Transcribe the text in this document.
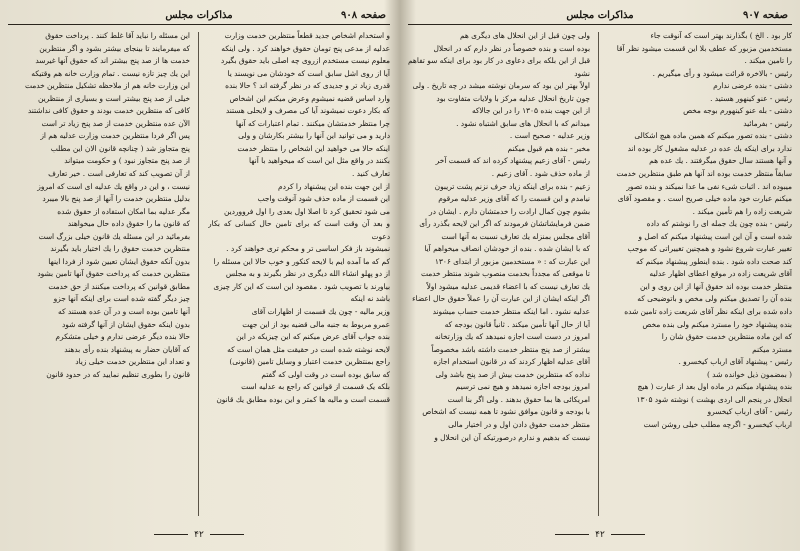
صفحه ۹۰۸
مذاکرات مجلس

و استخدام اشخاص جدید قطعاً منتظرین خدمت وزارت

عدلیه از مدعی پنج تومان حقوق خواهند کرد . ولی اینکه

معلوم نیست مستخدم ازروی چه اصلی باید حقوق بگیرد

آیا از روی اشل سابق است که خودشان می نویسند یا

قدری زیاد تر و جدیدی که در نظر گرفته اند ؟ حالا بنده

وارد اساس قضیه نمیشوم وعرض میکنم این اشخاص

که بکار دعوت نمیشوند آیا کی مصرف و لایحلی هستند

چرا منتظر خدمتشان میکنند . تمام اعتبارات که آنها

دارید و می توانید این آنها را بیشتر بکارشان و ولی

اینکه حالا می خواهید این اشخاص را منتظر خدمت

بکنند در واقع مثل این است که میخواهید با آنها

تعارف کنید .

از این جهت بنده این پیشنهاد را کردم

این قسمت از ماده حذف شود آنوقت واجب

می شود تحقیق کرد تا اصلا اول بعدی را اول فرووردین

و بعد آن وقت است که برای تامین حال کسانی که بکار دعوت

نمیشوند باز فکر اساسی تر و محکم تری خواهند کرد .

کم که ما آمده ایم با لایحه کنکور و خوب حالا این مسئله را

از دو پهلو انشاء الله دیگری در نظر بگیرند و به مجلس

بیاورند با تصویب شود . مقصود این است که این کار چیزی

باشد نه اینکه

وزیر مالیه - چون یك قسمت از اظهارات آقای

عمرو مربوط به جنبه مالی قضیه بود از این جهت

بنده جواب آقای عرض میکنم که این چیزیکه در این

لایحه نوشته شده است در حقیقت مثل همان است که

راجع بمنتظرین خدمت اعتبار و وسایل تامین (قانونی)

که سابق بوده است در وقت اولی که گفتم

بلکه یک قسمت از قوانین که راجع به عدلیه است

قسمت است و مالیه ها کمتر و این بوده مطابق یك قانون

این مسئله را نباید آقا غلط کنند . پرداخت حقوق

که میفرمایند تا بینجای بیشتر بشود و اگر منتظرین

خدمت ها از صد پنج بیشتر اند که حقوق آنها غیرسد

این یك چیز تازه نیست . تمام وزارت خانه هم وقتیکه

این وزارت خانه هم از ملاحظه تشکیل منتظرین خدمت

خیلی از صد پنج بیشتر است و بسیاری از منتظرین

کافی که منتظرین خدمت بودند و حقوق کافی نداشتند

الآن عده منتظرین خدمت از صد پنج زیاد تر است

پس اگر فردا منتظرین خدمت وزارت عدلیه هم از

پنج متجاوز شد ( چنانچه قانون الان این مطلب

از صد پنج متجاوز نبود ) و حکومت میتواند

از آن تصویب کند که تعارفی است . خیر تعارف

نیست ، و این در واقع یك عدلیه ای است که امروز

بدلیل منتظرین خدمت را آنها از صد پنج بالا میبرد

مگر عدلیه بما امکان استفاده از حقوق شده

که قانون ما را حقوق داده حال میخواهند

بفرمائید در این مسئله یك قانون خیلی بزرگ است

منتظرین خدمت حقوق را یك اختیار باید بگیرند

بدون آنکه حقوق ایشان تعیین شود از فردا اینها

منتظرین خدمت که پرداخت حقوق آنها تامین بشود

مطابق قوانین که پرداخت میکنند از حق خدمت

چیز دیگر گفته شده است برای اینکه آنها جزو

آنها تامین بوده است و در آن عده هستند که

بدون اینکه حقوق ایشان از آنها گرفته شود

حالا بنده دیگر عرضی ندارم و خیلی متشکرم

که آقایان حضار به پیشنهاد بنده رأی بدهند

و تعداد این منتظرین خدمت خیلی زیاد

قانون را بطوری تنظیم نمایید که در حدود قانون

۴۲
صفحه ۹۰۷
مذاکرات مجلس

کار بود . الخ ) بگذارند بهتر است که آنوقت جاء

مستخدمین مزبور که عطف بلا این قسمت میشود نظر آقا

را تامین میکند .

رئیس - بالاخره قرائت میشود و رأی میگیریم .

دشتی - بنده عرضی ندارم

رئیس - عنو کینهور هستید .

دشتی - بله عنو کینهورم بوجه مخص

رئیس - بفرمائید

دشتی - بنده تصور میکنم که همین ماده هیچ اشکالی

ندارد برای اینکه یك عده در عدلیه مشغول کار بوده اند

و آنها هستند سال حقوق میگرفتند . یك عده هم

سابقاً منتظر خدمت بوده اند آنها هم طبق منتظرین خدمت

میبوده اند . اثبات شیء نفی ما عدا نمیکند و بنده تصور

میکنم عبارت خود ماده خیلی صریح است . و مقصود آقای

شریعت زاده را هم تأمین میکند .

رئیس - بنده چون یك جمله ای را نوشتم که داده

شده است و آن این است پیشنهاد میکنم که اصل و

تغییر عبارت شروع نشود و همچنین تغییراتی که موجب

کند صحت داده شود . بنده اینطور پیشنهاد میکنم که

آقای شریعت زاده در موقع اعطای اظهار عدلیه

منتظر خدمت بوده اند حقوق آنها از این روی و این

بنده آن را تصدیق میکنم ولی مخص و باتوضیحی که

داده شده برای اینکه نظر آقای شریعت زاده تامین شده

بنده پیشنهاد خود را مسترد میکنم ولی بنده مخص

که این ماده منتظرین خدمت حقوق شان را

مسترد میکنم

رئیس - پیشنهاد آقای ارباب کیخسرو .

( بمضمون ذیل خوانده شد )

بنده پیشنهاد میکنم در ماده اول بعد از عبارت ( هیچ

انحلال در پنجم الی اردی بهشت ) نوشته شود ۱۳۰۵

رئیس - آقای ارباب کیخسرو

ارباب کیخسرو - اگرچه مطلب خیلی روشن است

ولی چون قبل از این انحلال های دیگری هم

بوده است و بنده خصوصاً در نظر دارم که در انحلال

قبل از این بلکه برای دعاوی در کار بود برای اینکه سو تفاهم نشود

اولاً بهتر این بود که سرمان نوشته میشد در چه تاریخ . ولی

چون تاریخ انحلال عدلیه مرکز با ولایات متفاوت بود

از این جهت بنده ۱۳۰۵ را در این جالاکه

میدانم که با انحلال های سابق اشتباه نشود .

وزیر عدلیه - صحیح است .

مخبر - بنده هم قبول میکنم

رئیس - آقای زعیم پیشنهاد کرده اند که قسمت آخر

از ماده حذف شود . آقای زعیم .

زعیم - بنده برای اینکه زیاد حرف نزنم پشت تریبون

نیامدم و این قسمت را که آقای وزیر عدلیه مرقوم

بشوم چون کمال ارادت را خدمتشان دارم . ایشان در

ضمن فرمایشاتشان فرمودند که اگر این لایحه بگذرد رأی

آقای مجلس بمنزله یك تعارف نسبت به آنها است

که با ایشان شده . بنده از خودشان انصاف میخواهم آیا

این عبارت که : « مستخدمین مزبور از ابتدای ۱۳۰۶

تا موقعی که مجدداً بخدمت منصوب شوند منتظر خدمت

یك تعارف نیست که با اعضاء قدیمی عدلیه میشود اولاً

اگر اینکه ایشان از این عبارت آن را عملاً حقوق حال اعضاء

عدلیه نشود . اما اینکه منتظر خدمت حساب میشوند

آیا از حال آنها تأمین میکند . ثانیاً قانون بودجه که

امروز در دست است اجازه نمیدهد که یك وزارتخانه

بیشتر از صد پنج منتظر خدمت داشته باشد مخصوصاً

آقای عدلیه اظهار کردند که در قانون استخدام اجازه

نداده که منتظرین خدمت بیش از صد پنج باشد ولی

امروز بودجه اجازه نمیدهد و هیچ نمی ترسیم

امریکائی ها بما حقوق بدهند . ولی اگر بنا است

با بودجه و قانون موافق نشود تا همه نیست که اشخاص

منتظر خدمت حقوق دادن اول و در اختیار مالی

نیست که بدهیم و ندارم درصورتیکه آن این انحلال و

۴۲
